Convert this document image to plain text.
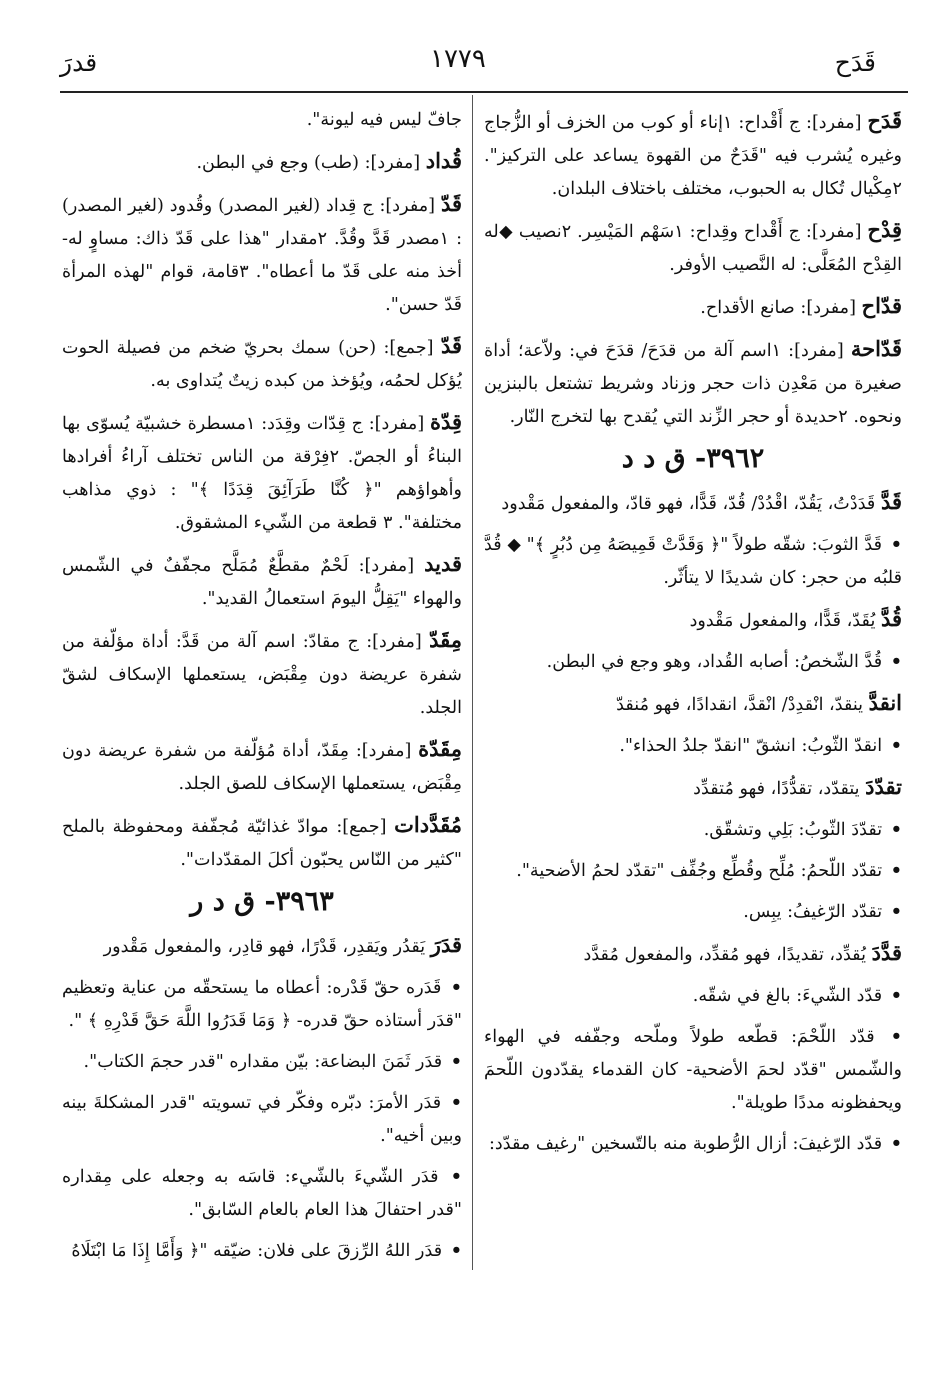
قدرَ	١٧٧٩	قَدَح
قَدَح [مفرد]: ج أَقْداح: ١إناء أو كوب من الخزف أو الزُّجاج وغيره يُشرب فيه "قَدَحٌ من القهوة يساعد على التركيز". ٢مِكْيال تُكال به الحبوب، مختلف باختلاف البلدان.
قِدْح [مفرد]: ج أَقْداح وقِداح: ١سَهْم المَيْسِر. ٢نصيب ◆له القِدْح المُعَلَّى: له النَّصيب الأوفر.
قدّاح [مفرد]: صانع الأقداح.
قَدّاحة [مفرد]: ١اسم آلة من قدَحَ/ قدَحَ في: ولاّعة؛ أداة صغيرة من مَعْدِن ذات حجر وزناد وشريط تشتعل بالبنزين ونحوه. ٢حديدة أو حجر الزِّند التي يُقدح بها لتخرج النّار.
٣٩٦٢- ق د د
قَدَّ قَدَدْتُ، يَقُدّ، اقْدُدْ/ قُدّ، قَدًّا، فهو قادّ، والمفعول مَقْدود
• قَدَّ الثوبَ: شقّه طولاً "﴿ وَقَدَّتْ قَمِيصَهُ مِن دُبُرٍ ﴾" ◆ قُدَّ قلبُه من حجر: كان شديدًا لا يتأثّر.
قُدَّ يُقَدّ، قَدًّا، والمفعول مَقْدود
• قُدَّ الشّخصُ: أصابه القُداد، وهو وجع في البطن.
انقدَّ ينقدّ، انْقدِدْ/ انْقدَّ، انقدادًا، فهو مُنقدّ
• انقدّ الثّوبُ: انشقّ "انقدّ جلدُ الحذاء".
تقدّدَ يتقدّد، تقدُّدًا، فهو مُتقدِّد
• تقدّدَ الثّوبُ: بَلِي وتشقّق.
• تقدّد اللّحمُ: مُلِّح وقُطِّع وجُفِّف "تقدّد لحمُ الأضحية".
• تقدّد الرّغيفُ: يبِس.
قدَّدَ يُقدِّد، تقديدًا، فهو مُقدِّد، والمفعول مُقدَّد
• قدّد الشّيءَ: بالغ في شقّه.
• قدّد اللّحْمَ: قطّعه طولاً وملّحه وجفّفه في الهواء والشّمس "قدّد لحمَ الأضحية- كان القدماء يقدّدون اللّحمَ ويحفظونه مددًا طويلة".
• قدّد الرّغيفَ: أزال الرُّطوبة منه بالتّسخين "رغيف مقدّد:
جافّ ليس فيه ليونة".
قُداد [مفرد]: (طب) وجع في البطن.
قَدّ [مفرد]: ج قِداد (لغير المصدر) وقُدود (لغير المصدر) : ١مصدر قَدَّ وقُدَّ. ٢مقدار "هذا على قَدّ ذاك: مساوٍ له- أخذ منه على قَدّ ما أعطاه". ٣قامة، قوام "لهذه المرأة قَدّ حسن".
قَدّ [جمع]: (حن) سمك بحريّ ضخم من فصيلة الحوت يُؤكل لحمُه، ويُؤخذ من كبده زيتٌ يُتداوى به.
قِدّة [مفرد]: ج قِدّات وقِدَد: ١مسطرة خشبيّة يُسوّى بها البناءُ أو الجصّ. ٢فِرْقة من الناس تختلف آراءُ أفرادها وأهواؤهم "﴿ كُنَّا طَرَآئِقَ قِدَدًا ﴾" : ذوي مذاهب مختلفة". ٣ قطعة من الشّيء المشقوق.
قديد [مفرد]: لَحْمٌ مقطَّعٌ مُمَلَّح مجفّفٌ في الشّمس والهواء "يَقِلُّ اليومَ استعمالُ القديد".
مِقَدّ [مفرد]: ج مقادّ: اسم آلة من قَدَّ: أداة مؤلّفة من شفرة عريضة دون مِقْبَض، يستعملها الإسكاف لشقّ الجلد.
مِقَدّة [مفرد]: مِقَدّ، أداة مُؤلّفة من شفرة عريضة دون مِقْبَض، يستعملها الإسكاف للصق الجلد.
مُقَدَّدات [جمع]: موادّ غذائيّة مُجفّفة ومحفوظة بالملح "كثير من النّاس يحبّون أكلَ المقدّدات".
٣٩٦٣- ق د ر
قدَرَ يَقدُر ويَقدِر، قَدْرًا، فهو قادِر، والمفعول مَقْدور
• قَدَره حقّ قَدْره: أعطاه ما يستحقّه من عناية وتعظيم "قدَر أستاذه حقّ قدره- ﴿ وَمَا قَدَرُوا اللَّهَ حَقَّ قَدْرِهِ ﴾ ".
• قدَر ثَمَنَ البضاعة: بيّن مقداره "قدر حجمَ الكتاب".
• قدَر الأمرَ: دبّره وفكّر في تسويته "قدر المشكلةَ بينه وبين أخيه".
• قدَر الشّيءَ بالشّيء: قاسَه به وجعله على مِقداره "قدر احتفالَ هذا العام بالعام السّابق".
• قدَر اللهُ الرِّزقَ على فلان: ضيّقه "﴿ وَأَمَّا إِذَا مَا ابْتَلَاهُ
